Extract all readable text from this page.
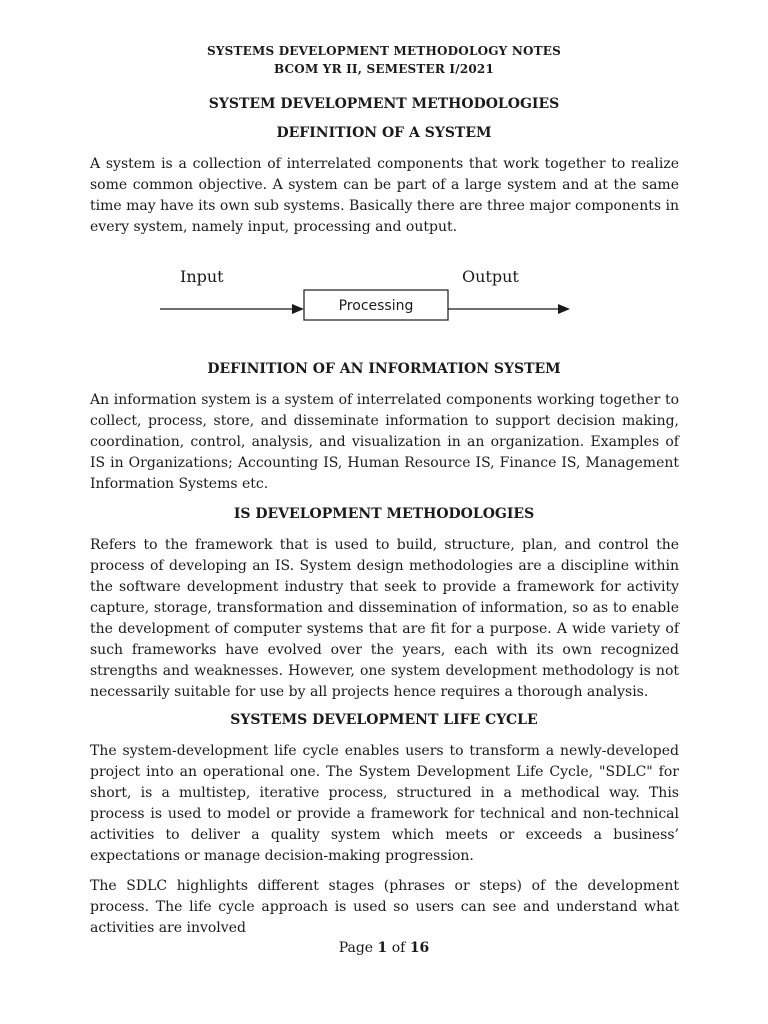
SYSTEMS DEVELOPMENT METHODOLOGY NOTES
BCOM YR II, SEMESTER I/2021
SYSTEM DEVELOPMENT METHODOLOGIES
DEFINITION OF A SYSTEM

A system is a collection of interrelated components that work together to realize some common objective. A system can be part of a large system and at the same time may have its own sub systems. Basically there are three major components in every system, namely input, processing and output.

Input	Output
Processing
DEFINITION OF AN INFORMATION SYSTEM

An information system is a system of interrelated components working together to collect, process, store, and disseminate information to support decision making, coordination, control, analysis, and visualization in an organization. Examples of IS in Organizations; Accounting IS, Human Resource IS, Finance IS, Management Information Systems etc.

IS DEVELOPMENT METHODOLOGIES

Refers to the framework that is used to build, structure, plan, and control the process of developing an IS. System design methodologies are a discipline within the software development industry that seek to provide a framework for activity capture, storage, transformation and dissemination of information, so as to enable the development of computer systems that are fit for a purpose. A wide variety of such frameworks have evolved over the years, each with its own recognized strengths and weaknesses. However, one system development methodology is not necessarily suitable for use by all projects hence requires a thorough analysis.

SYSTEMS DEVELOPMENT LIFE CYCLE

The system-development life cycle enables users to transform a newly-developed project into an operational one. The System Development Life Cycle, "SDLC" for short, is a multistep, iterative process, structured in a methodical way. This process is used to model or provide a framework for technical and non-technical activities to deliver a quality system which meets or exceeds a business’ expectations or manage decision-making progression.

The SDLC highlights different stages (phrases or steps) of the development process. The life cycle approach is used so users can see and understand what activities are involved

Page 1 of 16
